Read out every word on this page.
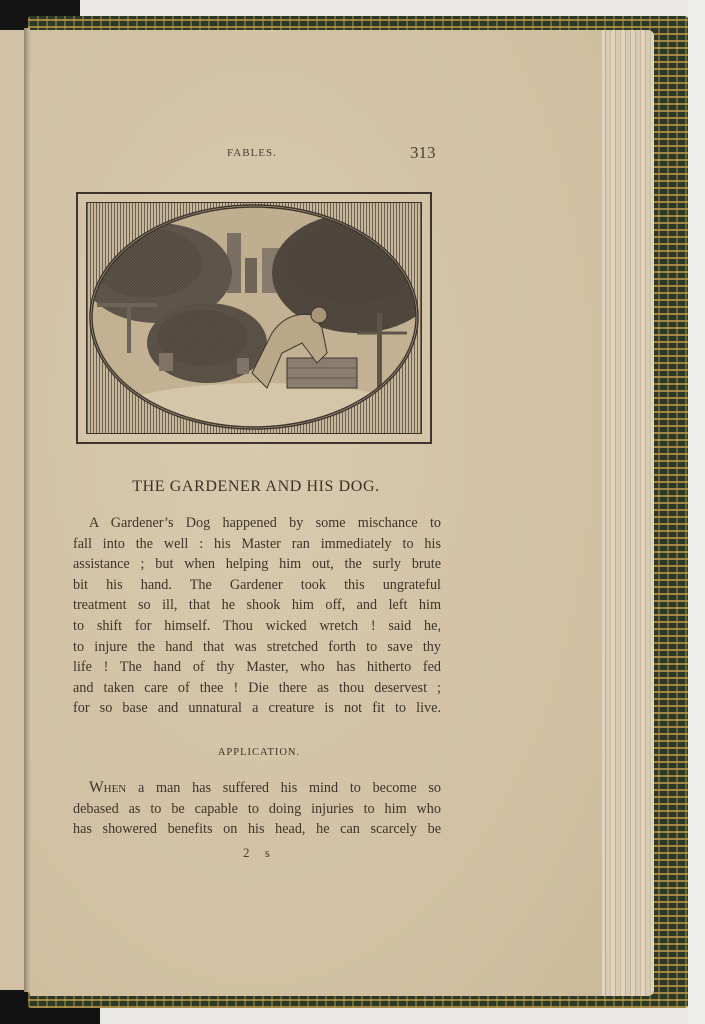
FABLES.	313
THE GARDENER AND HIS DOG.
A Gardener’s Dog happened by some mischance to
fall into the well : his Master ran immediately to his
assistance ; but when helping him out, the surly brute
bit his hand. The Gardener took this ungrateful
treatment so ill, that he shook him off, and left him
to shift for himself. Thou wicked wretch ! said he,
to injure the hand that was stretched forth to save thy
life ! The hand of thy Master, who has hitherto fed
and taken care of thee ! Die there as thou deservest ;
for so base and unnatural a creature is not fit to live.
APPLICATION.
When a man has suffered his mind to become so
debased as to be capable to doing injuries to him who
has showered benefits on his head, he can scarcely be
2 s
